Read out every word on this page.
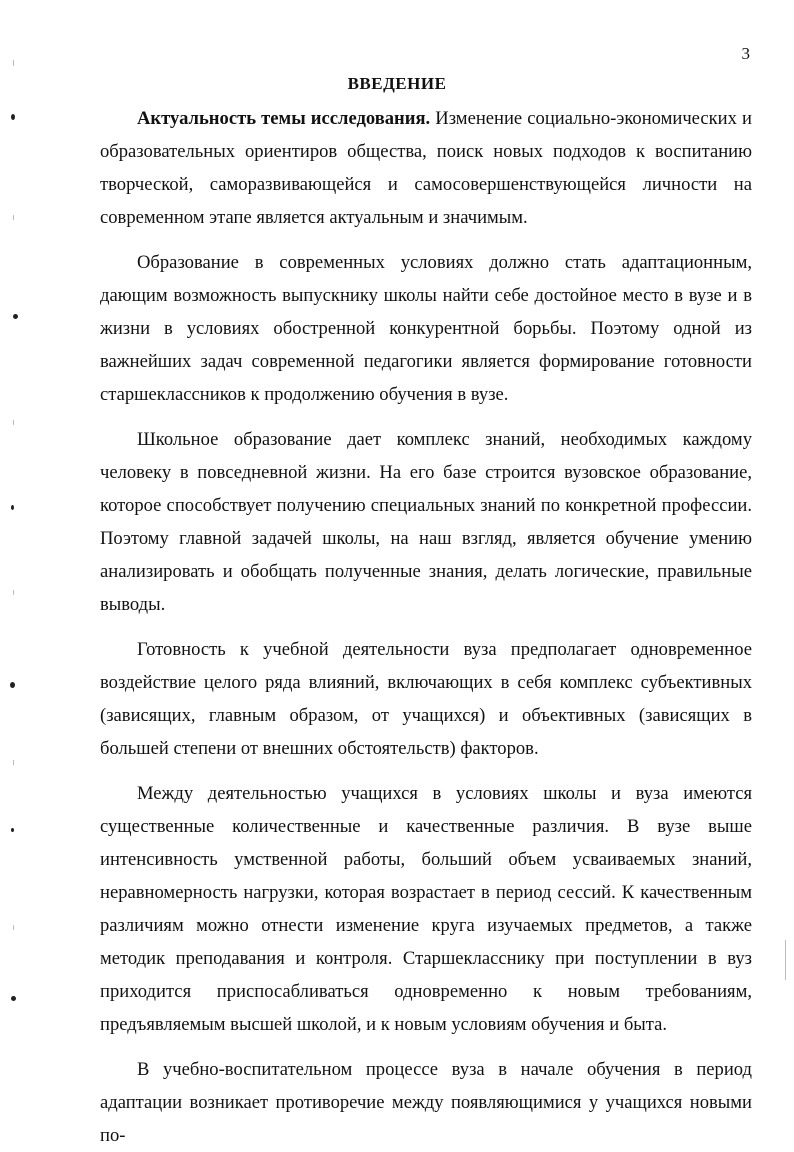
3
ВВЕДЕНИЕ

Актуальность темы исследования. Изменение социально-экономических и образовательных ориентиров общества, поиск новых подходов к воспитанию творческой, саморазвивающейся и самосовершенствующейся личности на современном этапе является актуальным и значимым.

Образование в современных условиях должно стать адаптационным, дающим возможность выпускнику школы найти себе достойное место в вузе и в жизни в условиях обостренной конкурентной борьбы. Поэтому одной из важнейших задач современной педагогики является формирование готовности старшеклассников к продолжению обучения в вузе.

Школьное образование дает комплекс знаний, необходимых каждому человеку в повседневной жизни. На его базе строится вузовское образование, которое способствует получению специальных знаний по конкретной профессии. Поэтому главной задачей школы, на наш взгляд, является обучение умению анализировать и обобщать полученные знания, делать логические, правильные выводы.

Готовность к учебной деятельности вуза предполагает одновременное воздействие целого ряда влияний, включающих в себя комплекс субъективных (зависящих, главным образом, от учащихся) и объективных (зависящих в большей степени от внешних обстоятельств) факторов.

Между деятельностью учащихся в условиях школы и вуза имеются существенные количественные и качественные различия. В вузе выше интенсивность умственной работы, больший объем усваиваемых знаний, неравномерность нагрузки, которая возрастает в период сессий. К качественным различиям можно отнести изменение круга изучаемых предметов, а также методик преподавания и контроля. Старшекласснику при поступлении в вуз приходится приспосабливаться одновременно к новым требованиям, предъявляемым высшей школой, и к новым условиям обучения и быта.

В учебно-воспитательном процессе вуза в начале обучения в период адаптации возникает противоречие между появляющимися у учащихся новыми по-
